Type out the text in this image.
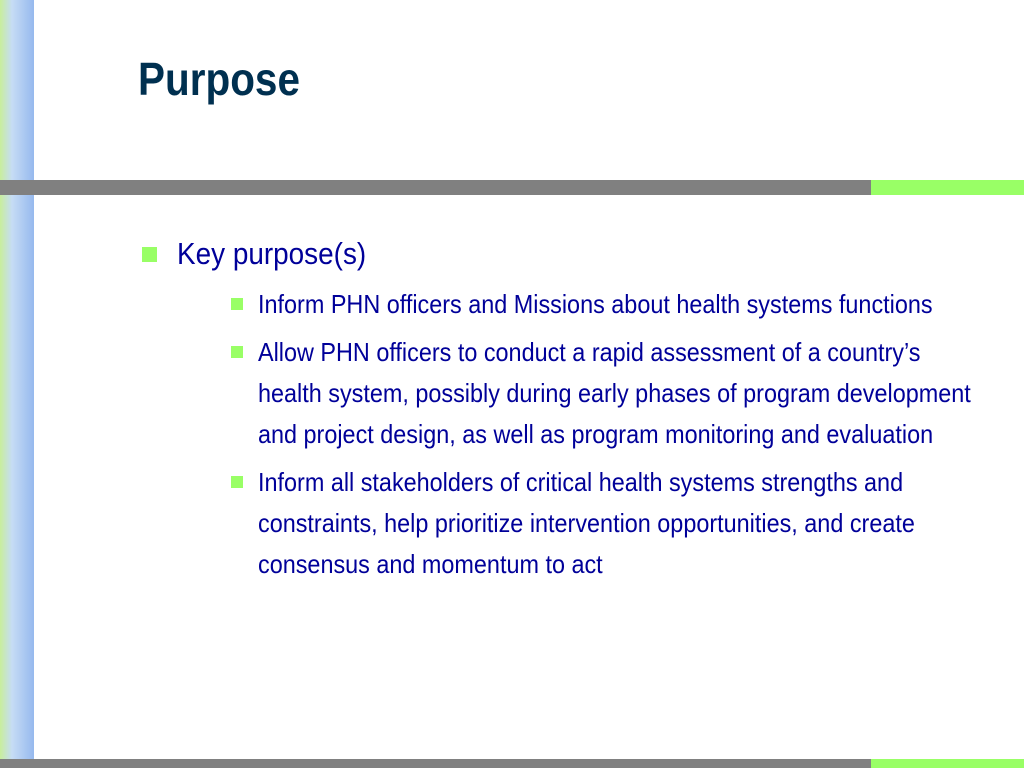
Purpose
Key purpose(s)
Inform PHN officers and Missions about health systems functions
Allow PHN officers to conduct a rapid assessment of a country’s health system, possibly during early phases of program development and project design, as well as program monitoring and evaluation
Inform all stakeholders of critical health systems strengths and constraints, help prioritize intervention opportunities, and create consensus and momentum to act
